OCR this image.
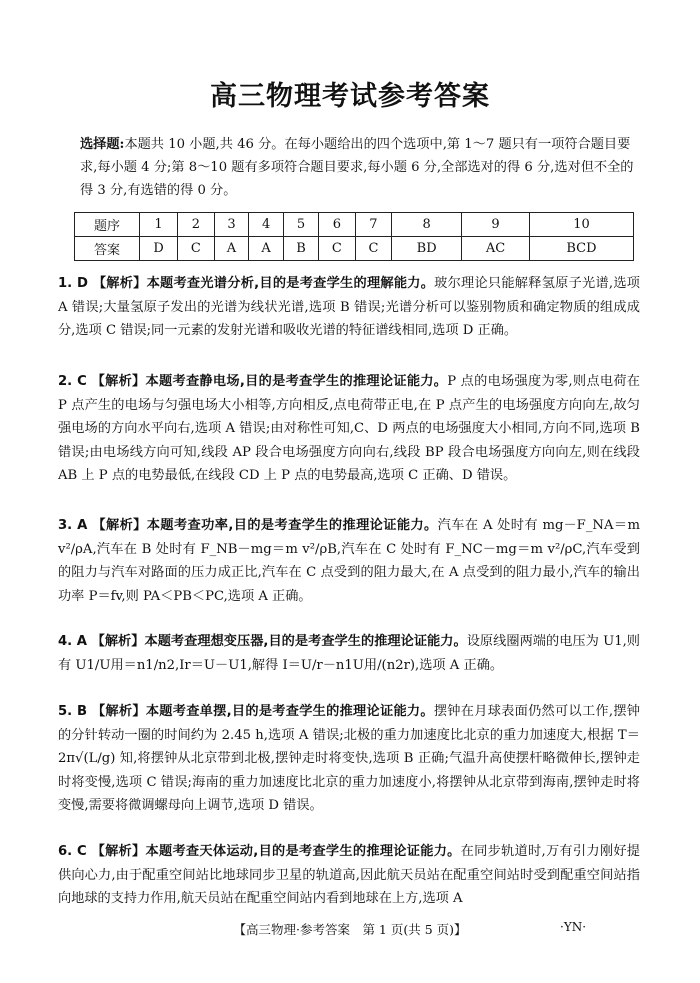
高三物理考试参考答案
选择题:本题共 10 小题,共 46 分。在每小题给出的四个选项中,第 1～7 题只有一项符合题目要求,每小题 4 分;第 8～10 题有多项符合题目要求,每小题 6 分,全部选对的得 6 分,选对但不全的得 3 分,有选错的得 0 分。
题序	1	2	3	4	5	6	7	8	9	10
答案	D	C	A	A	B	C	C	BD	AC	BCD
1. D 【解析】本题考查光谱分析,目的是考查学生的理解能力。玻尔理论只能解释氢原子光谱,选项 A 错误;大量氢原子发出的光谱为线状光谱,选项 B 错误;光谱分析可以鉴别物质和确定物质的组成成分,选项 C 错误;同一元素的发射光谱和吸收光谱的特征谱线相同,选项 D 正确。
2. C 【解析】本题考查静电场,目的是考查学生的推理论证能力。P 点的电场强度为零,则点电荷在 P 点产生的电场与匀强电场大小相等,方向相反,点电荷带正电,在 P 点产生的电场强度方向向左,故匀强电场的方向水平向右,选项 A 错误;由对称性可知,C、D 两点的电场强度大小相同,方向不同,选项 B 错误;由电场线方向可知,线段 AP 段合电场强度方向向右,线段 BP 段合电场强度方向向左,则在线段 AB 上 P 点的电势最低,在线段 CD 上 P 点的电势最高,选项 C 正确、D 错误。
3. A 【解析】本题考查功率,目的是考查学生的推理论证能力。汽车在 A 处时有 mg－F_NA＝m v²/ρA,汽车在 B 处时有 F_NB－mg＝m v²/ρB,汽车在 C 处时有 F_NC－mg＝m v²/ρC,汽车受到的阻力与汽车对路面的压力成正比,汽车在 C 点受到的阻力最大,在 A 点受到的阻力最小,汽车的输出功率 P＝fv,则 PA＜PB＜PC,选项 A 正确。
4. A 【解析】本题考查理想变压器,目的是考查学生的推理论证能力。设原线圈两端的电压为 U1,则有 U1/U用＝n1/n2,Ir＝U－U1,解得 I＝U/r－n1U用/(n2r),选项 A 正确。
5. B 【解析】本题考查单摆,目的是考查学生的推理论证能力。摆钟在月球表面仍然可以工作,摆钟的分针转动一圈的时间约为 2.45 h,选项 A 错误;北极的重力加速度比北京的重力加速度大,根据 T＝2π√(L/g) 知,将摆钟从北京带到北极,摆钟走时将变快,选项 B 正确;气温升高使摆杆略微伸长,摆钟走时将变慢,选项 C 错误;海南的重力加速度比北京的重力加速度小,将摆钟从北京带到海南,摆钟走时将变慢,需要将微调螺母向上调节,选项 D 错误。
6. C 【解析】本题考查天体运动,目的是考查学生的推理论证能力。在同步轨道时,万有引力刚好提供向心力,由于配重空间站比地球同步卫星的轨道高,因此航天员站在配重空间站时受到配重空间站指向地球的支持力作用,航天员站在配重空间站内看到地球在上方,选项 A
【高三物理·参考答案　第 1 页(共 5 页)】	·YN·
